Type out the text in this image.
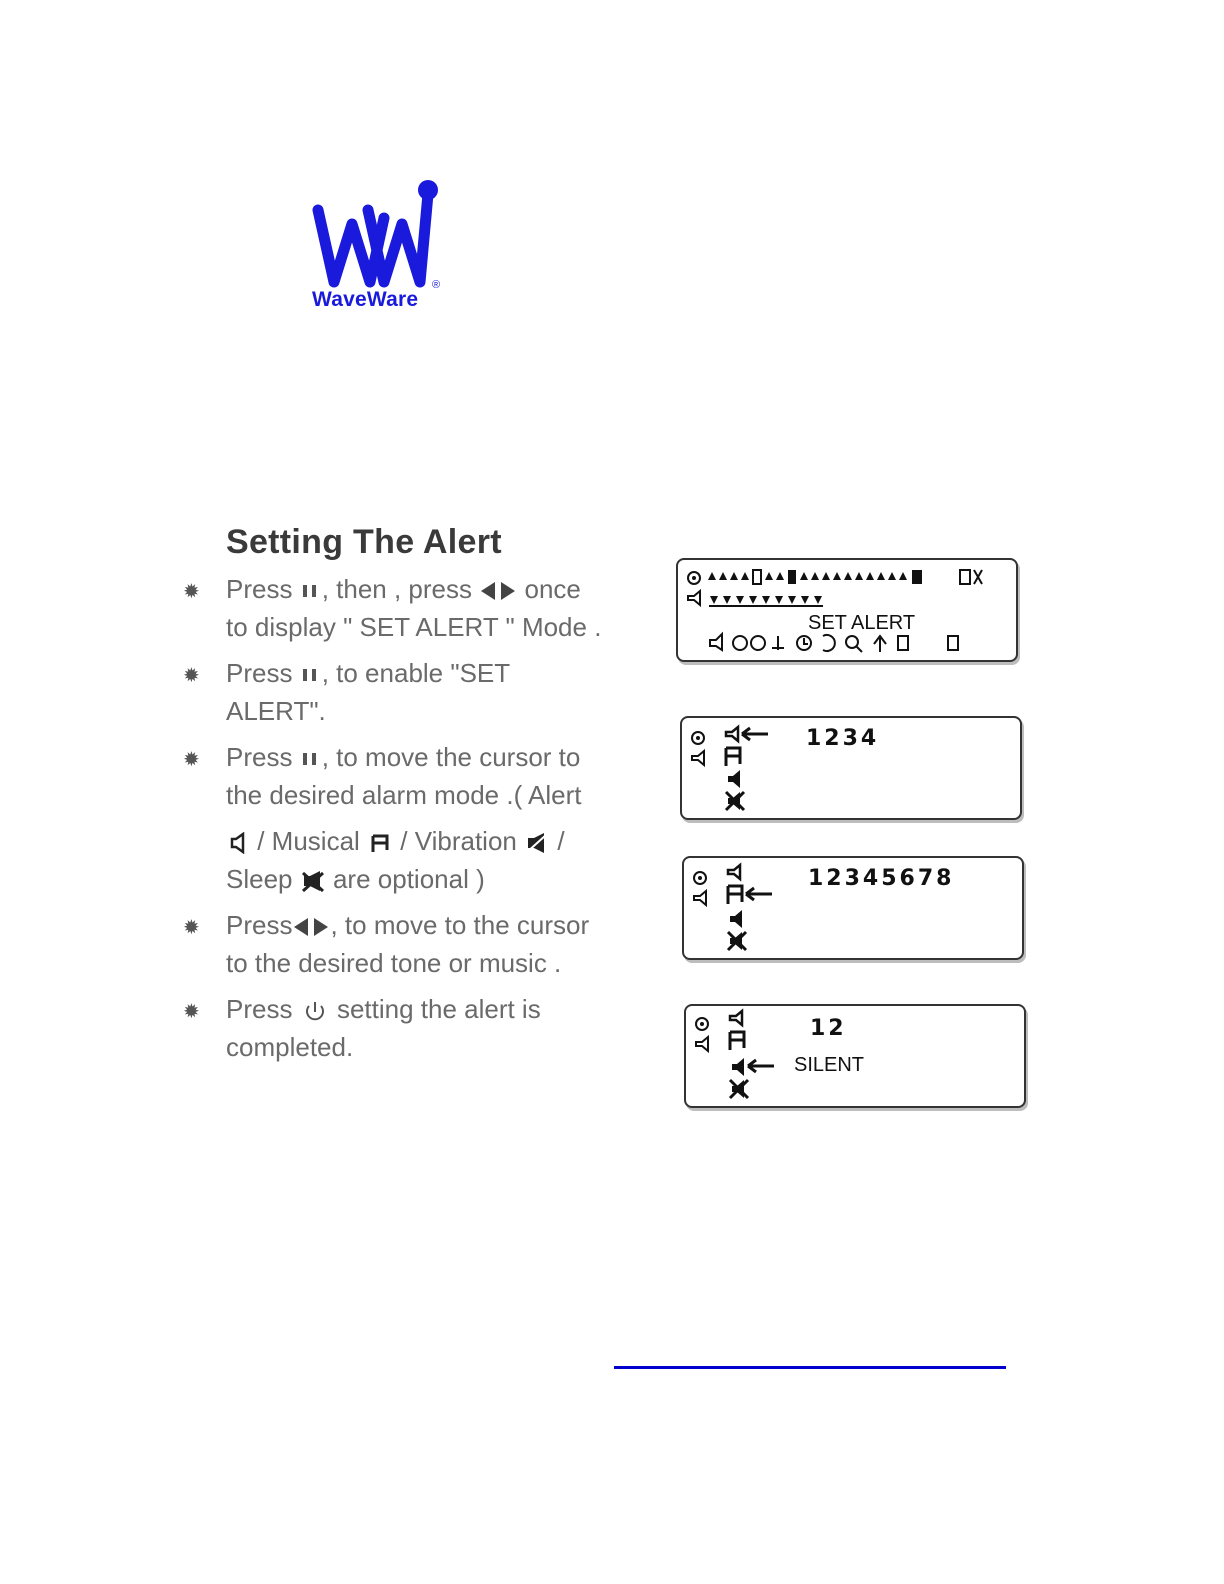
®
WaveWare
Setting The Alert
✹ Press , then , press once
to display " SET ALERT " Mode .
✹ Press , to enable "SET
ALERT".
✹ Press , to move the cursor to
the desired alarm mode .( Alert
/ Musical / Vibration /
Sleep are optional )
✹ Press , to move to the cursor
to the desired tone or music .
✹ Press setting the alert is
completed.
SET ALERT
1234
12345678
12
SILENT
